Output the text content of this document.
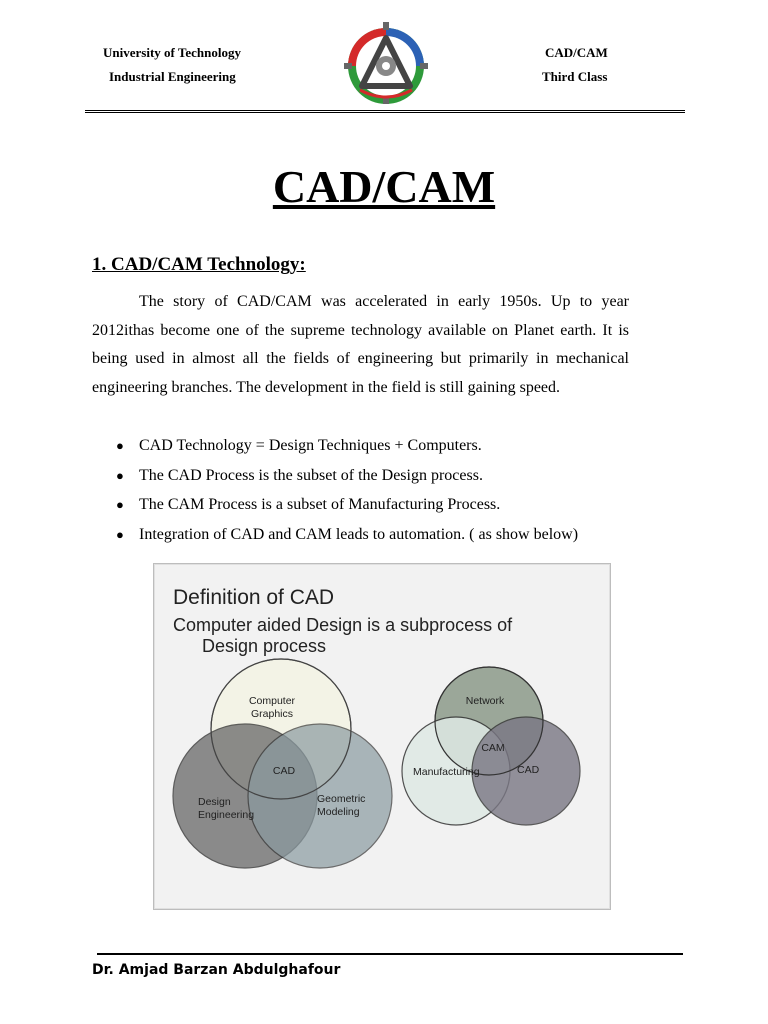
University of Technology
Industrial Engineering
CAD/CAM
Third Class
CAD/CAM
1. CAD/CAM Technology:
The story of CAD/CAM was accelerated in early 1950s. Up to year 2012ithas become one of the supreme technology available on Planet earth. It is being used in almost all the fields of engineering but primarily in mechanical engineering branches. The development in the field is still gaining speed.
● CAD Technology = Design Techniques + Computers.
● The CAD Process is the subset of the Design process.
● The CAM Process is a subset of Manufacturing Process.
● Integration of CAD and CAM leads to automation. ( as show below)
Definition of CAD
Computer aided Design is a subprocess of
Design process
Computer
Graphics
CAD
Design
Engineering
Geometric
Modeling
Network
CAM
Manufacturing	CAD
Dr. Amjad Barzan Abdulghafour
